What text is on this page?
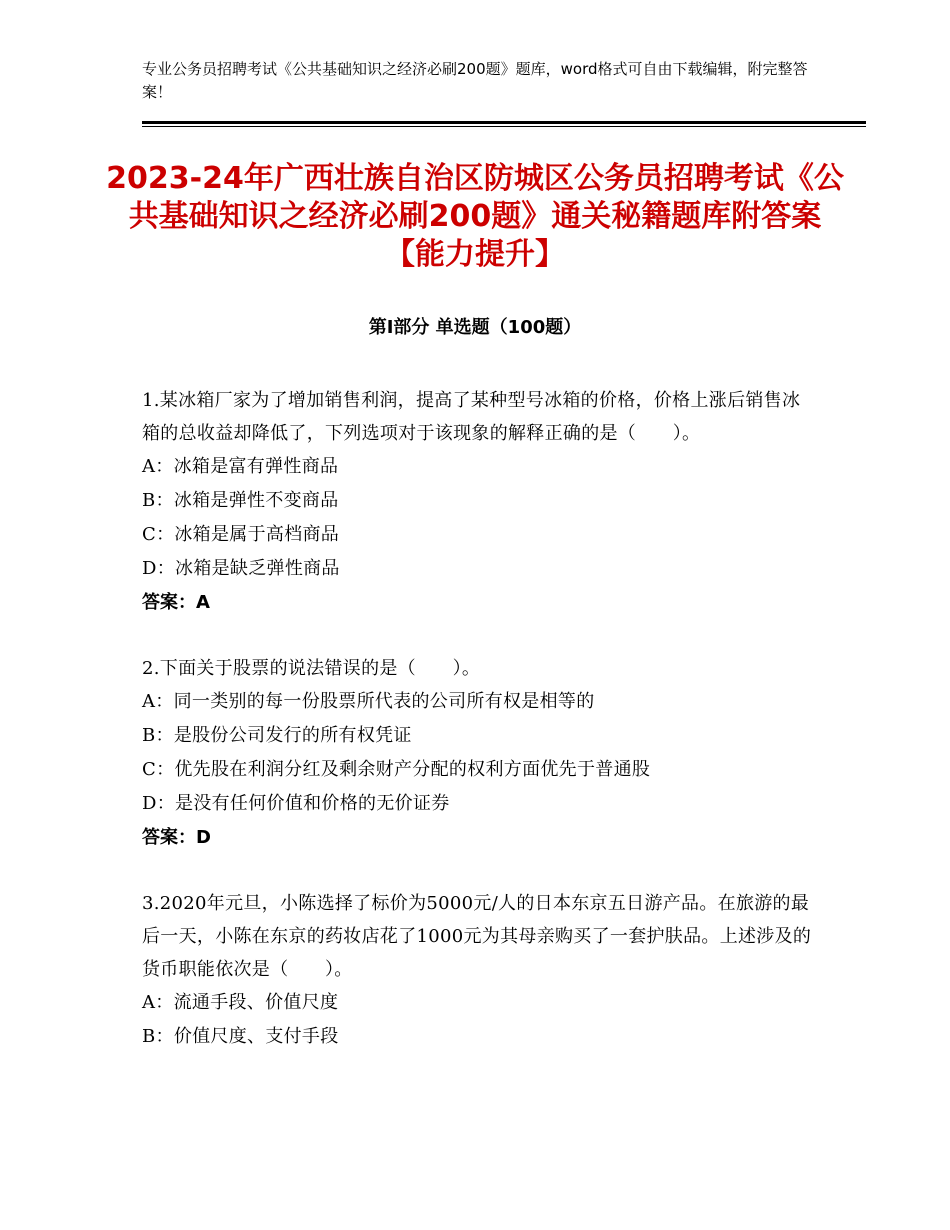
专业公务员招聘考试《公共基础知识之经济必刷200题》题库，word格式可自由下载编辑，附完整答案！
2023-24年广西壮族自治区防城区公务员招聘考试《公共基础知识之经济必刷200题》通关秘籍题库附答案【能力提升】
第Ⅰ部分 单选题（100题）
1.某冰箱厂家为了增加销售利润，提高了某种型号冰箱的价格，价格上涨后销售冰箱的总收益却降低了，下列选项对于该现象的解释正确的是（　　）。
A：冰箱是富有弹性商品
B：冰箱是弹性不变商品
C：冰箱是属于高档商品
D：冰箱是缺乏弹性商品
答案：A
2.下面关于股票的说法错误的是（　　）。
A：同一类别的每一份股票所代表的公司所有权是相等的
B：是股份公司发行的所有权凭证
C：优先股在利润分红及剩余财产分配的权利方面优先于普通股
D：是没有任何价值和价格的无价证券
答案：D
3.2020年元旦，小陈选择了标价为5000元/人的日本东京五日游产品。在旅游的最后一天，小陈在东京的药妆店花了1000元为其母亲购买了一套护肤品。上述涉及的货币职能依次是（　　）。
A：流通手段、价值尺度
B：价值尺度、支付手段
